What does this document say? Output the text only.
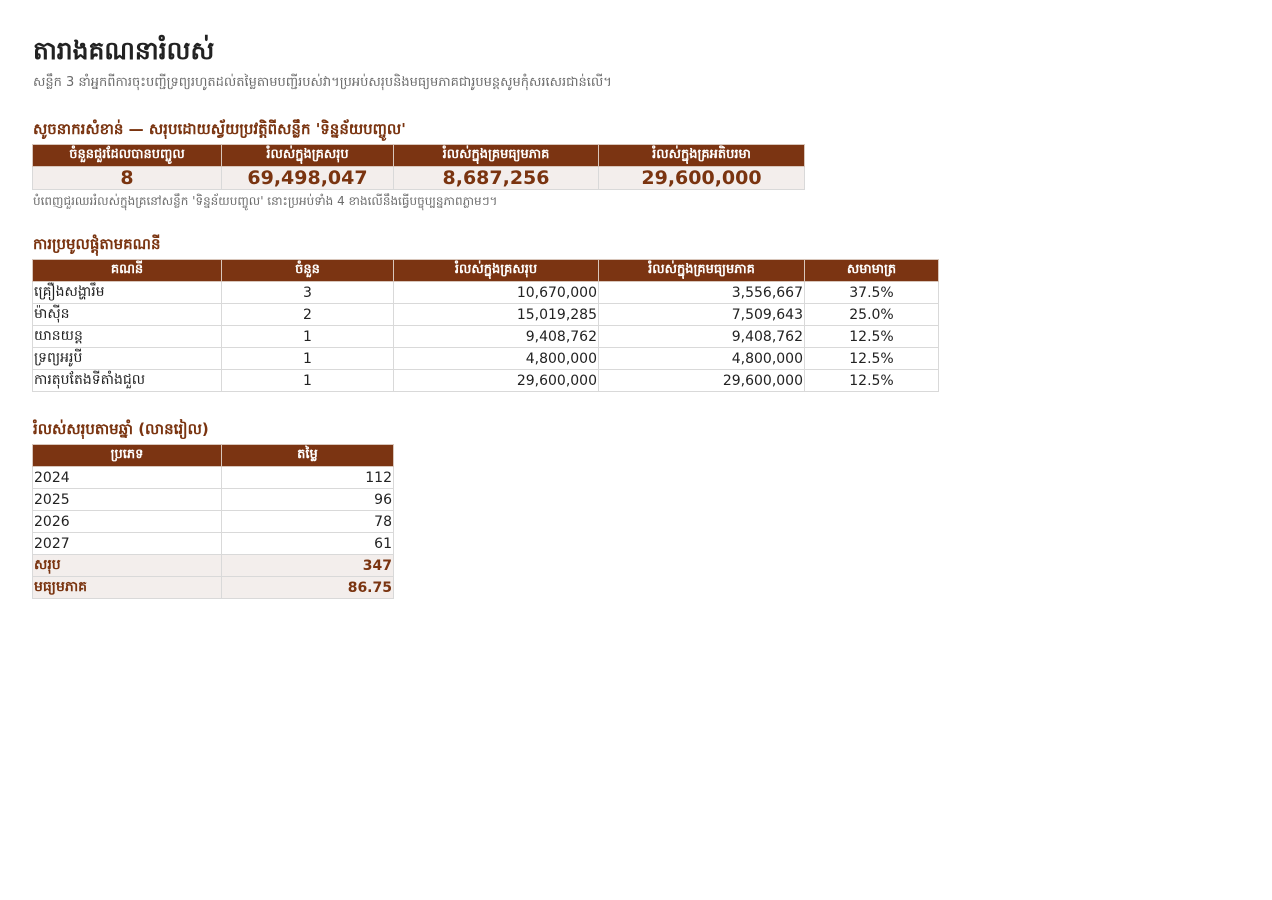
តារាងគណនារំលស់
សន្លឹក 3 នាំអ្នកពីការចុះបញ្ជីទ្រព្យរហូតដល់តម្លៃតាមបញ្ជីរបស់វា។ប្រអប់សរុបនិងមធ្យមភាគជារូបមន្តសូមកុំសរសេរជាន់លើ។
សូចនាករសំខាន់ — សរុបដោយស្វ័យប្រវត្តិពីសន្លឹក 'ទិន្នន័យបញ្ចូល'
ចំនួនជួរដែលបានបញ្ចូល	រំលស់ក្នុងគ្រសរុប	រំលស់ក្នុងគ្រមធ្យមភាគ	រំលស់ក្នុងគ្រអតិបរមា
8	69,498,047	8,687,256	29,600,000
បំពេញជួរឈររំលស់ក្នុងគ្រនៅសន្លឹក 'ទិន្នន័យបញ្ចូល' នោះប្រអប់ទាំង 4 ខាងលើនឹងធ្វើបច្ចុប្បន្នភាពភ្លាមៗ។
ការប្រមូលផ្តុំតាមគណនី
គណនី	ចំនួន	រំលស់ក្នុងគ្រសរុប	រំលស់ក្នុងគ្រមធ្យមភាគ	សមាមាត្រ
គ្រឿងសង្ហារឹម	3	10,670,000	3,556,667	37.5%
ម៉ាស៊ីន	2	15,019,285	7,509,643	25.0%
យានយន្ត	1	9,408,762	9,408,762	12.5%
ទ្រព្យអរូបី	1	4,800,000	4,800,000	12.5%
ការតុបតែងទីតាំងជួល	1	29,600,000	29,600,000	12.5%
រំលស់សរុបតាមឆ្នាំ (លានរៀល)
ប្រភេទ	តម្លៃ
2024	112
2025	96
2026	78
2027	61
សរុប	347
មធ្យមភាគ	86.75
